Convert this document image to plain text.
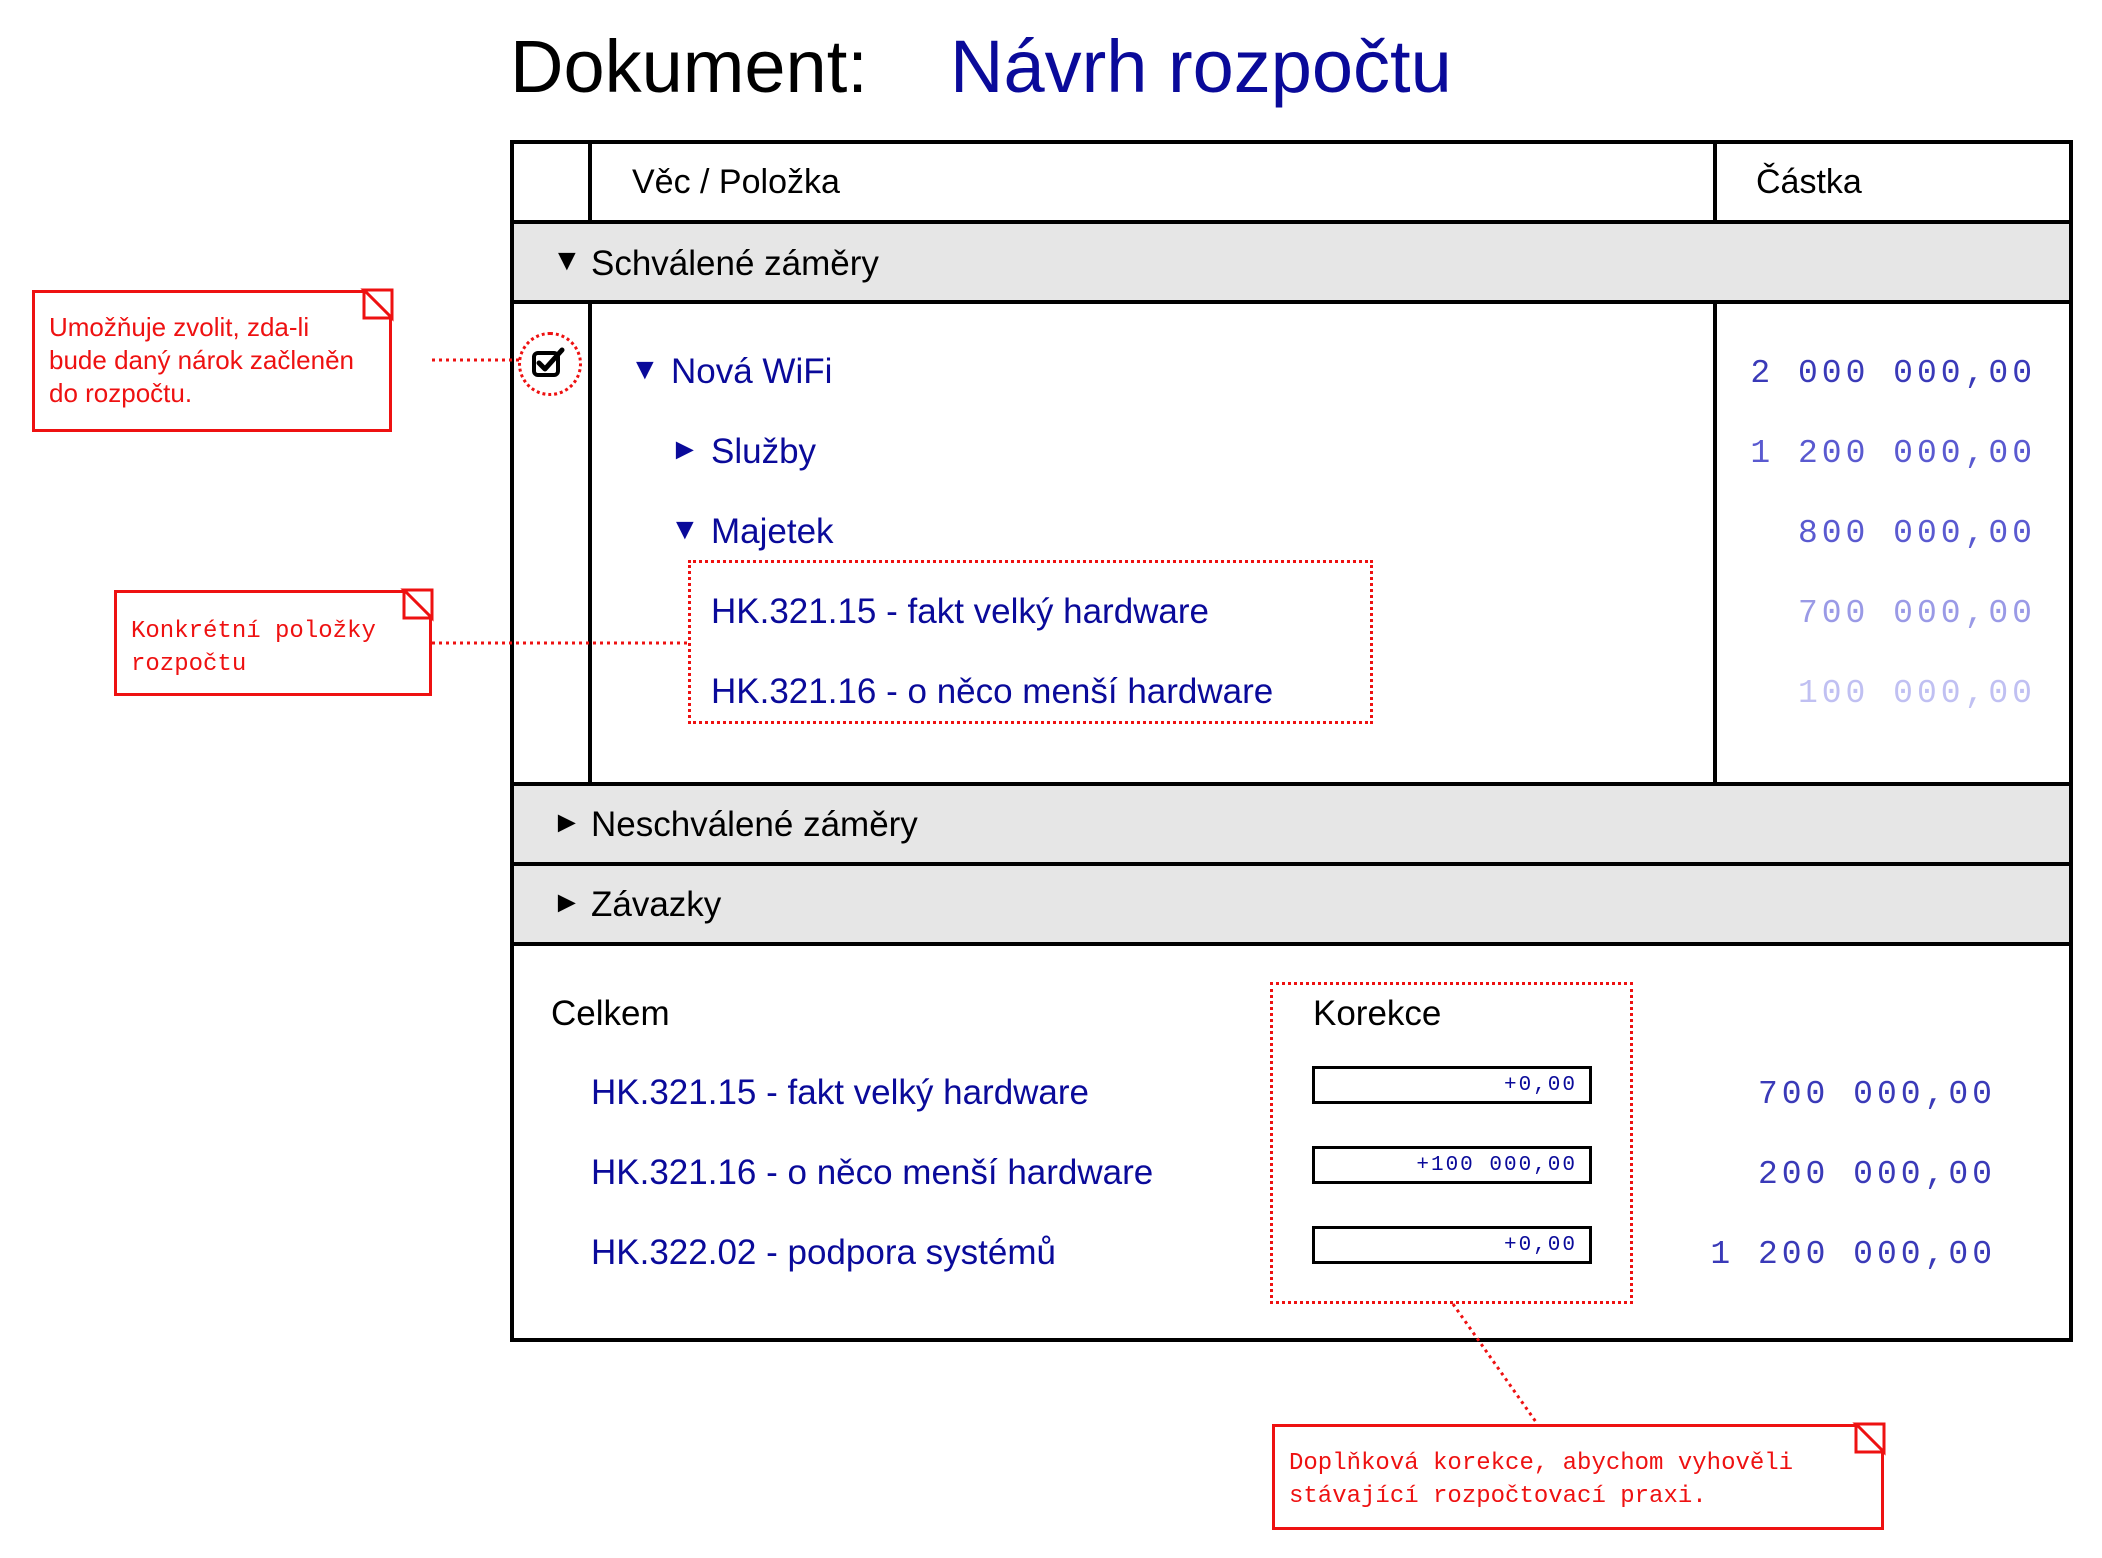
Dokument: Návrh rozpočtu
Věc / Položka	Částka
▼ Schválené záměry
▼ Nová WiFi	2 000 000,00
► Služby	1 200 000,00
▼ Majetek	800 000,00
HK.321.15 - fakt velký hardware	700 000,00
HK.321.16 - o něco menší hardware	100 000,00
► Neschválené záměry
► Závazky
Celkem	Korekce
HK.321.15 - fakt velký hardware	+0,00	700 000,00
HK.321.16 - o něco menší hardware	+100 000,00	200 000,00
HK.322.02 - podpora systémů	+0,00	1 200 000,00
Umožňuje zvolit, zda-li
bude daný nárok začleněn
do rozpočtu.
Konkrétní položky
rozpočtu
Doplňková korekce, abychom vyhověli
stávající rozpočtovací praxi.
